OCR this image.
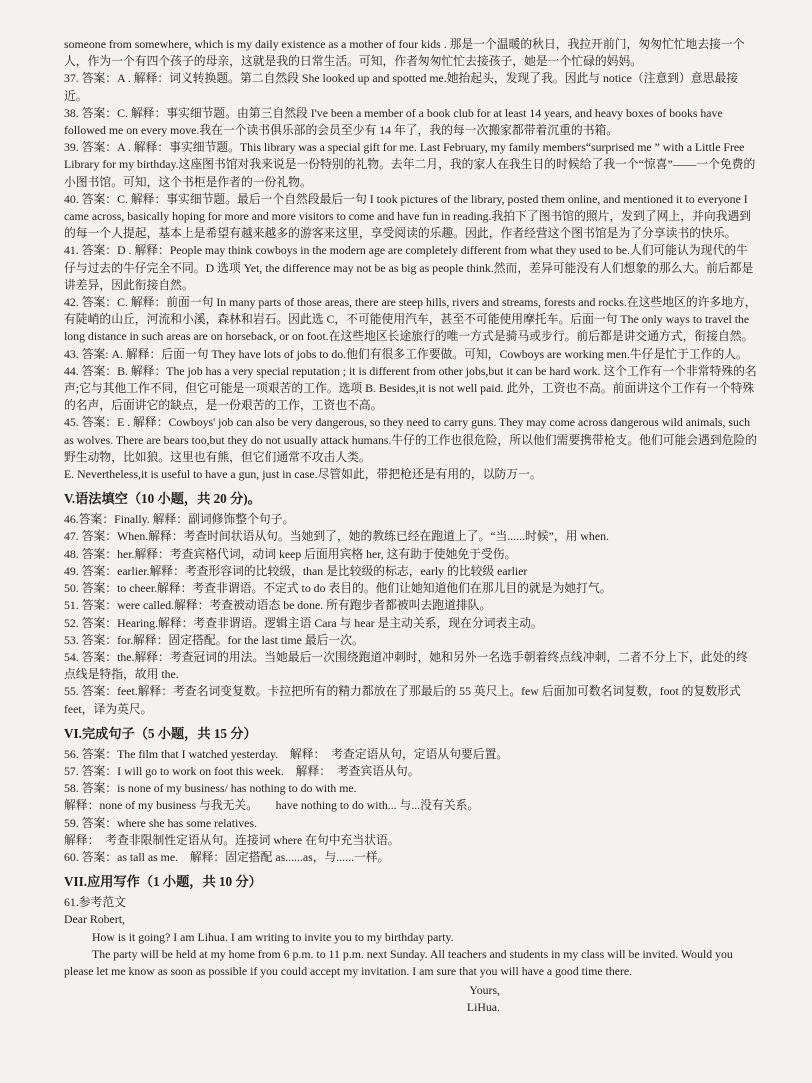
someone from somewhere, which is my daily existence as a mother of four kids . 那是一个温暖的秋日，我拉开前门，匆匆忙忙地去接一个人，作为一个有四个孩子的母亲，这就是我的日常生活。可知，作者匆匆忙忙去接孩子，她是一个忙碌的妈妈。

37. 答案：A . 解释：词义转换题。第二自然段 She looked up and spotted me.她抬起头，发现了我。因此与 notice（注意到）意思最接近。

38. 答案：C. 解释：事实细节题。由第三自然段 I've been a member of a book club for at least 14 years, and heavy boxes of books have followed me on every move.我在一个读书俱乐部的会员至少有 14 年了，我的每一次搬家都带着沉重的书箱。

39. 答案：A . 解释：事实细节题。This library was a special gift for me. Last February, my family members“surprised me ” with a Little Free Library for my birthday.这座图书馆对我来说是一份特别的礼物。去年二月，我的家人在我生日的时候给了我一个“惊喜”——一个免费的小图书馆。可知，这个书柜是作者的一份礼物。

40. 答案：C. 解释：事实细节题。最后一个自然段最后一句 I took pictures of the library, posted them online, and mentioned it to everyone I came across, basically hoping for more and more visitors to come and have fun in reading.我拍下了图书馆的照片，发到了网上，并向我遇到的每一个人提起，基本上是希望有越来越多的游客来这里，享受阅读的乐趣。因此，作者经营这个图书馆是为了分享读书的快乐。

41. 答案：D . 解释：People may think cowboys in the modern age are completely different from what they used to be.人们可能认为现代的牛仔与过去的牛仔完全不同。D 选项 Yet, the difference may not be as big as people think.然而，差异可能没有人们想象的那么大。前后都是讲差异，因此衔接自然。

42. 答案：C. 解释：前面一句 In many parts of those areas, there are steep hills, rivers and streams, forests and rocks.在这些地区的许多地方，有陡峭的山丘，河流和小溪，森林和岩石。因此选 C，不可能使用汽车，甚至不可能使用摩托车。后面一句 The only ways to travel the long distance in such areas are on horseback, or on foot.在这些地区长途旅行的唯一方式是骑马或步行。前后都是讲交通方式，衔接自然。

43. 答案: A. 解释：后面一句 They have lots of jobs to do.他们有很多工作要做。可知，Cowboys are working men.牛仔是忙于工作的人。

44. 答案：B. 解释：The job has a very special reputation ; it is different from other jobs,but it can be hard work. 这个工作有一个非常特殊的名声;它与其他工作不同，但它可能是一项艰苦的工作。选项 B. Besides,it is not well paid. 此外，工资也不高。前面讲这个工作有一个特殊的名声，后面讲它的缺点，是一份艰苦的工作，工资也不高。

45. 答案：E . 解释：Cowboys' job can also be very dangerous, so they need to carry guns. They may come across dangerous wild animals, such as wolves. There are bears too,but they do not usually attack humans.牛仔的工作也很危险，所以他们需要携带枪支。他们可能会遇到危险的野生动物，比如狼。这里也有熊，但它们通常不攻击人类。

E. Nevertheless,it is useful to have a gun, just in case.尽管如此，带把枪还是有用的，以防万一。

V.语法填空（10 小题，共 20 分)。

46.答案：Finally. 解释：副词修饰整个句子。

47. 答案：When.解释：考查时间状语从句。当她到了，她的教练已经在跑道上了。“当......时候”，用 when.

48. 答案：her.解释：考查宾格代词，动词 keep 后面用宾格 her, 这有助于使她免于受伤。

49. 答案：earlier.解释：考查形容词的比较级，than 是比较级的标志，early 的比较级 earlier

50. 答案：to cheer.解释：考查非谓语。不定式 to do 表目的。他们让她知道他们在那儿目的就是为她打气。

51. 答案：were called.解释：考查被动语态 be done. 所有跑步者都被叫去跑道排队。

52. 答案：Hearing.解释：考查非谓语。逻辑主语 Cara 与 hear 是主动关系，现在分词表主动。

53. 答案：for.解释：固定搭配。for the last time 最后一次。

54. 答案：the.解释：考查冠词的用法。当她最后一次围绕跑道冲刺时，她和另外一名选手朝着终点线冲刺，二者不分上下，此处的终点线是特指，故用 the.

55. 答案：feet.解释：考查名词变复数。卡拉把所有的精力都放在了那最后的 55 英尺上。few 后面加可数名词复数，foot 的复数形式 feet，译为英尺。

VI.完成句子（5 小题，共 15 分）

56. 答案：The film that I watched yesterday.　解释：　考查定语从句，定语从句要后置。

57. 答案：I will go to work on foot this week.　解释：　考查宾语从句。

58. 答案：is none of my business/ has nothing to do with me.

解释：none of my business 与我无关。　　have nothing to do with... 与...没有关系。

59. 答案：where she has some relatives.

解释：　考查非限制性定语从句。连接词 where 在句中充当状语。

60. 答案：as tall as me.　解释：固定搭配 as......as，与......一样。

VII.应用写作（1 小题，共 10 分）

61.参考范文

Dear Robert,

How is it going? I am Lihua. I am writing to invite you to my birthday party.

The party will be held at my home from 6 p.m. to 11 p.m. next Sunday. All teachers and students in my class will be invited. Would you please let me know as soon as possible if you could accept my invitation. I am sure that you will have a good time there.

Yours,

LiHua.
